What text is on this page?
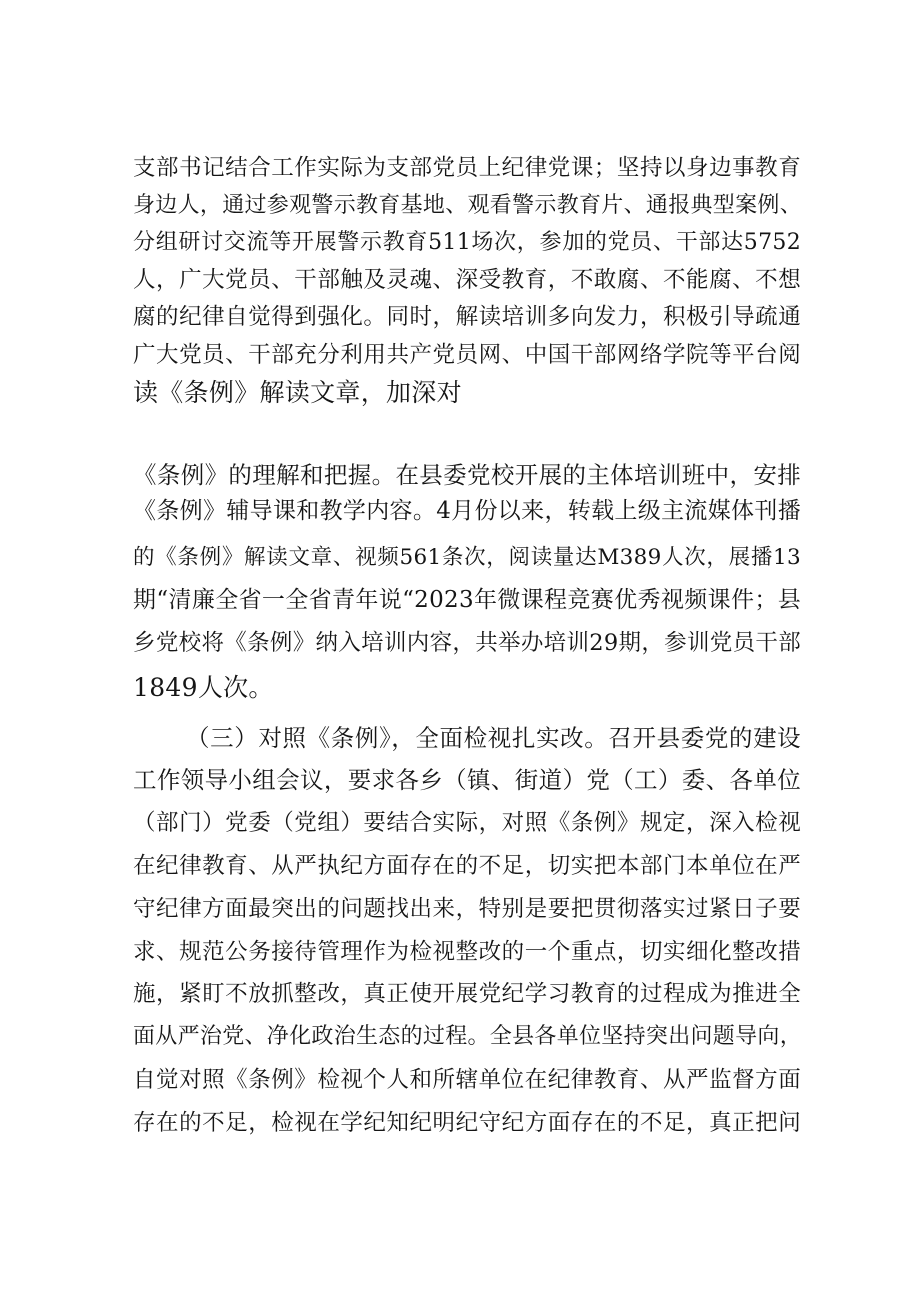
支部书记结合工作实际为支部党员上纪律党课；坚持以身边事教育
身边人，通过参观警示教育基地、观看警示教育片、通报典型案例、
分组研讨交流等开展警示教育511场次，参加的党员、干部达5752
人，广大党员、干部触及灵魂、深受教育，不敢腐、不能腐、不想
腐的纪律自觉得到强化。同时，解读培训多向发力，积极引导疏通
广大党员、干部充分利用共产党员网、中国干部网络学院等平台阅
读《条例》解读文章，加深对
《条例》的理解和把握。在县委党校开展的主体培训班中，安排
《条例》辅导课和教学内容。4月份以来，转载上级主流媒体刊播
的《条例》解读文章、视频561条次，阅读量达M389人次，展播13
期“清廉全省一全省青年说“2023年微课程竞赛优秀视频课件；县
乡党校将《条例》纳入培训内容，共举办培训29期，参训党员干部
1849人次。
（三）对照《条例》，全面检视扎实改。召开县委党的建设
工作领导小组会议，要求各乡（镇、街道）党（工）委、各单位
（部门）党委（党组）要结合实际，对照《条例》规定，深入检视
在纪律教育、从严执纪方面存在的不足，切实把本部门本单位在严
守纪律方面最突出的问题找出来，特别是要把贯彻落实过紧日子要
求、规范公务接待管理作为检视整改的一个重点，切实细化整改措
施，紧盯不放抓整改，真正使开展党纪学习教育的过程成为推进全
面从严治党、净化政治生态的过程。全县各单位坚持突出问题导向，
自觉对照《条例》检视个人和所辖单位在纪律教育、从严监督方面
存在的不足，检视在学纪知纪明纪守纪方面存在的不足，真正把问
